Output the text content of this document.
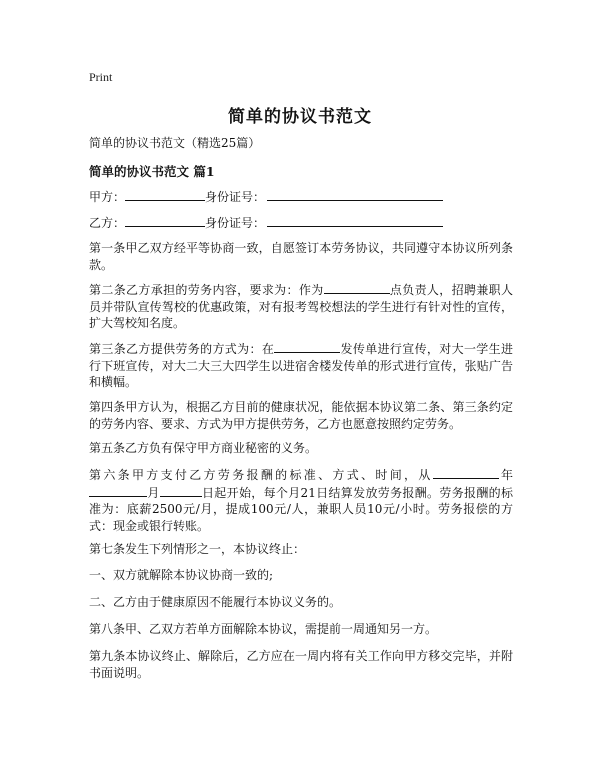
Print
简单的协议书范文
简单的协议书范文（精选25篇）
简单的协议书范文 篇1
甲方：	身份证号：
乙方：	身份证号：
第一条甲乙双方经平等协商一致，自愿签订本劳务协议，共同遵守本协议所列条款。
第二条乙方承担的劳务内容，要求为：作为	点负责人，招聘兼职人员并带队宣传驾校的优惠政策，对有报考驾校想法的学生进行有针对性的宣传，扩大驾校知名度。
第三条乙方提供劳务的方式为：在	发传单进行宣传，对大一学生进行下班宣传，对大二大三大四学生以进宿舍楼发传单的形式进行宣传，张贴广告和横幅。
第四条甲方认为，根据乙方目前的健康状况，能依据本协议第二条、第三条约定的劳务内容、要求、方式为甲方提供劳务，乙方也愿意按照约定劳务。
第五条乙方负有保守甲方商业秘密的义务。
第六条甲方支付乙方劳务报酬的标准、方式、时间，从	年月	日起开始，每个月21日结算发放劳务报酬。劳务报酬的标准为：底薪2500元/月，提成100元/人，兼职人员10元/小时。劳务报偿的方式：现金或银行转账。
第七条发生下列情形之一，本协议终止：
一、双方就解除本协议协商一致的;
二、乙方由于健康原因不能履行本协议义务的。
第八条甲、乙双方若单方面解除本协议，需提前一周通知另一方。
第九条本协议终止、解除后，乙方应在一周内将有关工作向甲方移交完毕，并附书面说明。
